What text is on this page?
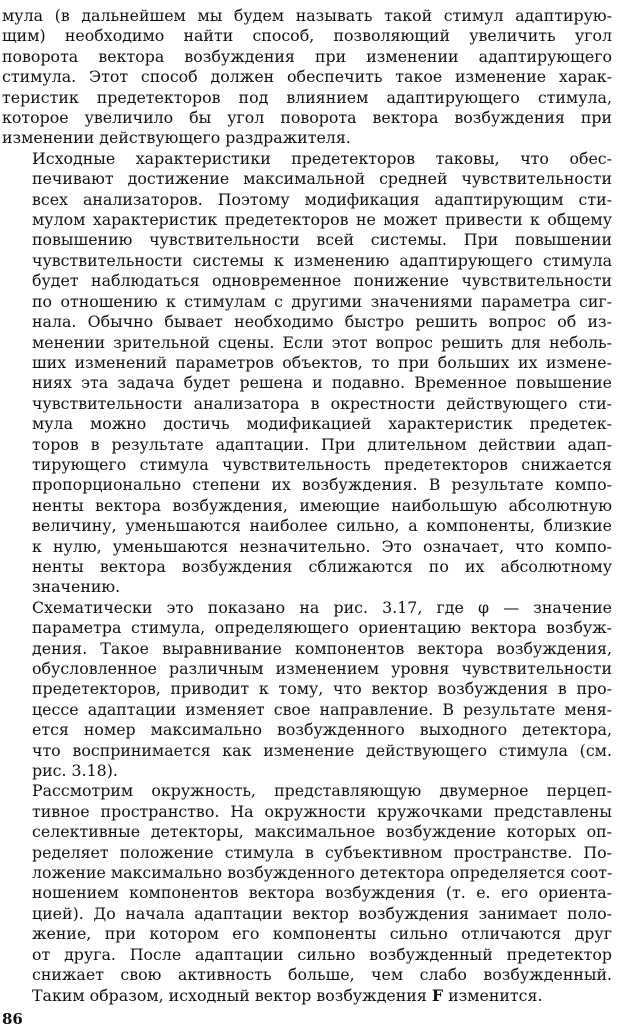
мула (в дальнейшем мы будем называть такой стимул адаптирую-
щим) необходимо найти способ, позволяющий увеличить угол
поворота вектора возбуждения при изменении адаптирующего
стимула. Этот способ должен обеспечить такое изменение харак-
теристик предетекторов под влиянием адаптирующего стимула,
которое увеличило бы угол поворота вектора возбуждения при
изменении действующего раздражителя.

Исходные характеристики предетекторов таковы, что обес-
печивают достижение максимальной средней чувствительности
всех анализаторов. Поэтому модификация адаптирующим сти-
мулом характеристик предетекторов не может привести к общему
повышению чувствительности всей системы. При повышении
чувствительности системы к изменению адаптирующего стимула
будет наблюдаться одновременное понижение чувствительности
по отношению к стимулам с другими значениями параметра сиг-
нала. Обычно бывает необходимо быстро решить вопрос об из-
менении зрительной сцены. Если этот вопрос решить для неболь-
ших изменений параметров объектов, то при больших их измене-
ниях эта задача будет решена и подавно. Временное повышение
чувствительности анализатора в окрестности действующего сти-
мула можно достичь модификацией характеристик предетек-
торов в результате адаптации. При длительном действии адап-
тирующего стимула чувствительность предетекторов снижается
пропорционально степени их возбуждения. В результате компо-
ненты вектора возбуждения, имеющие наибольшую абсолютную
величину, уменьшаются наиболее сильно, а компоненты, близкие
к нулю, уменьшаются незначительно. Это означает, что компо-
ненты вектора возбуждения сближаются по их абсолютному
значению.

Схематически это показано на рис. 3.17, где φ — значение
параметра стимула, определяющего ориентацию вектора возбуж-
дения. Такое выравнивание компонентов вектора возбуждения,
обусловленное различным изменением уровня чувствительности
предетекторов, приводит к тому, что вектор возбуждения в про-
цессе адаптации изменяет свое направление. В результате меня-
ется номер максимально возбужденного выходного детектора,
что воспринимается как изменение действующего стимула (см.
рис. 3.18).

Рассмотрим окружность, представляющую двумерное перцеп-
тивное пространство. На окружности кружочками представлены
селективные детекторы, максимальное возбуждение которых оп-
ределяет положение стимула в субъективном пространстве. По-
ложение максимально возбужденного детектора определяется соот-
ношением компонентов вектора возбуждения (т. е. его ориента-
цией). До начала адаптации вектор возбуждения занимает поло-
жение, при котором его компоненты сильно отличаются друг
от друга. После адаптации сильно возбужденный предетектор
снижает свою активность больше, чем слабо возбужденный.
Таким образом, исходный вектор возбуждения F изменится.

86
